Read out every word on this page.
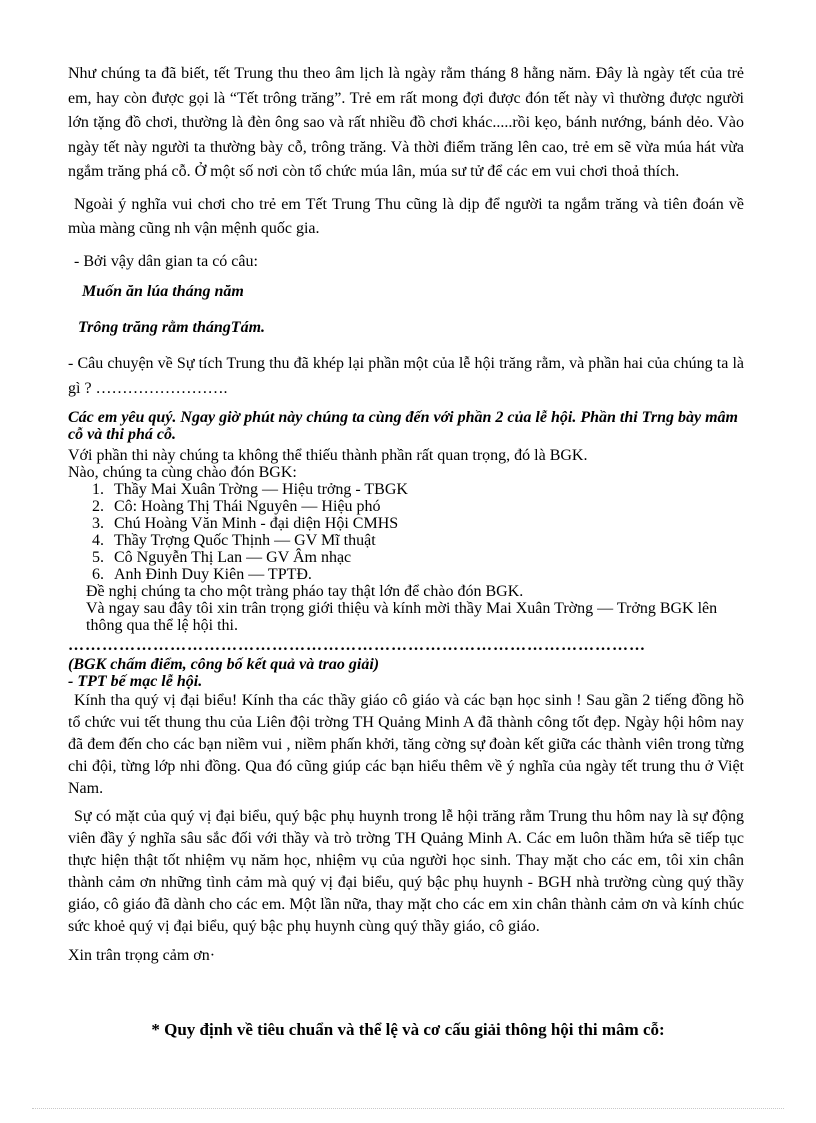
Như chúng ta đã biết, tết Trung thu theo âm lịch là ngày rằm tháng 8 hằng năm. Đây là ngày tết của trẻ em, hay còn được gọi là “Tết trông trăng”. Trẻ em rất mong đợi được đón tết này vì thường được người lớn tặng đồ chơi, thường là đèn ông sao và rất nhiều đồ chơi khác.....rồi kẹo, bánh nướng, bánh dẻo. Vào ngày tết này người ta thường bày cỗ, trông trăng. Và thời điểm trăng lên cao, trẻ em sẽ vừa múa hát vừa ngắm trăng phá cỗ. Ở một số nơi còn tổ chức múa lân, múa sư tử để các em vui chơi thoả thích.

Ngoài ý nghĩa vui chơi cho trẻ em Tết Trung Thu cũng là dịp để người ta ngắm trăng và tiên đoán về mùa màng cũng nh vận mệnh quốc gia.

- Bởi vậy dân gian ta có câu:

Muốn ăn lúa tháng năm
Trông trăng rằm thángTám.

- Câu chuyện về Sự tích Trung thu đã khép lại phần một của lễ hội trăng rằm, và phần hai của chúng ta là gì ? …………………….

Các em yêu quý. Ngay giờ phút này chúng ta cùng đến với phần 2 của lễ hội. Phần thi Trng bày mâm cỗ và thi phá cỗ.

Với phần thi này chúng ta không thể thiếu thành phần rất quan trọng, đó là BGK.

Nào, chúng ta cùng chào đón BGK:

1. Thầy Mai Xuân Trờng — Hiệu trởng - TBGK
2. Cô: Hoàng Thị Thái Nguyên — Hiệu phó
3. Chú Hoàng Văn Minh - đại diện Hội CMHS
4. Thầy Trợng Quốc Thịnh — GV Mĩ thuật
5. Cô Nguyễn Thị Lan — GV Âm nhạc
6. Anh Đinh Duy Kiên — TPTĐ.

Đề nghị chúng ta cho một tràng pháo tay thật lớn để chào đón BGK.

Và ngay sau đây tôi xin trân trọng giới thiệu và kính mời thầy Mai Xuân Trờng — Trởng BGK lên thông qua thể lệ hội thi.

…………………………………………………………………………………………

(BGK chấm điểm, công bố kết quả và trao giải)

- TPT bế mạc lễ hội.

Kính tha quý vị đại biểu! Kính tha các thầy giáo cô giáo và các bạn học sinh ! Sau gần 2 tiếng đồng hồ tổ chức vui tết thung thu của Liên đội trờng TH Quảng Minh A đã thành công tốt đẹp. Ngày hội hôm nay đã đem đến cho các bạn niềm vui , niềm phấn khởi, tăng cờng sự đoàn kết giữa các thành viên trong từng chi đội, từng lớp nhi đồng. Qua đó cũng giúp các bạn hiểu thêm về ý nghĩa của ngày tết trung thu ở Việt Nam.

Sự có mặt của quý vị đại biểu, quý bậc phụ huynh trong lễ hội trăng rằm Trung thu hôm nay là sự động viên đầy ý nghĩa sâu sắc đối với thầy và trò trờng TH Quảng Minh A. Các em luôn thầm hứa sẽ tiếp tục thực hiện thật tốt nhiệm vụ năm học, nhiệm vụ của người học sinh. Thay mặt cho các em, tôi xin chân thành cảm ơn những tình cảm mà quý vị đại biểu, quý bậc phụ huynh - BGH nhà trường cùng quý thầy giáo, cô giáo đã dành cho các em. Một lần nữa, thay mặt cho các em xin chân thành cảm ơn và kính chúc sức khoẻ quý vị đại biểu, quý bậc phụ huynh cùng quý thầy giáo, cô giáo.

Xin trân trọng cảm ơn·

* Quy định về tiêu chuẩn và thể lệ và cơ cấu giải thông hội thi mâm cỗ:
